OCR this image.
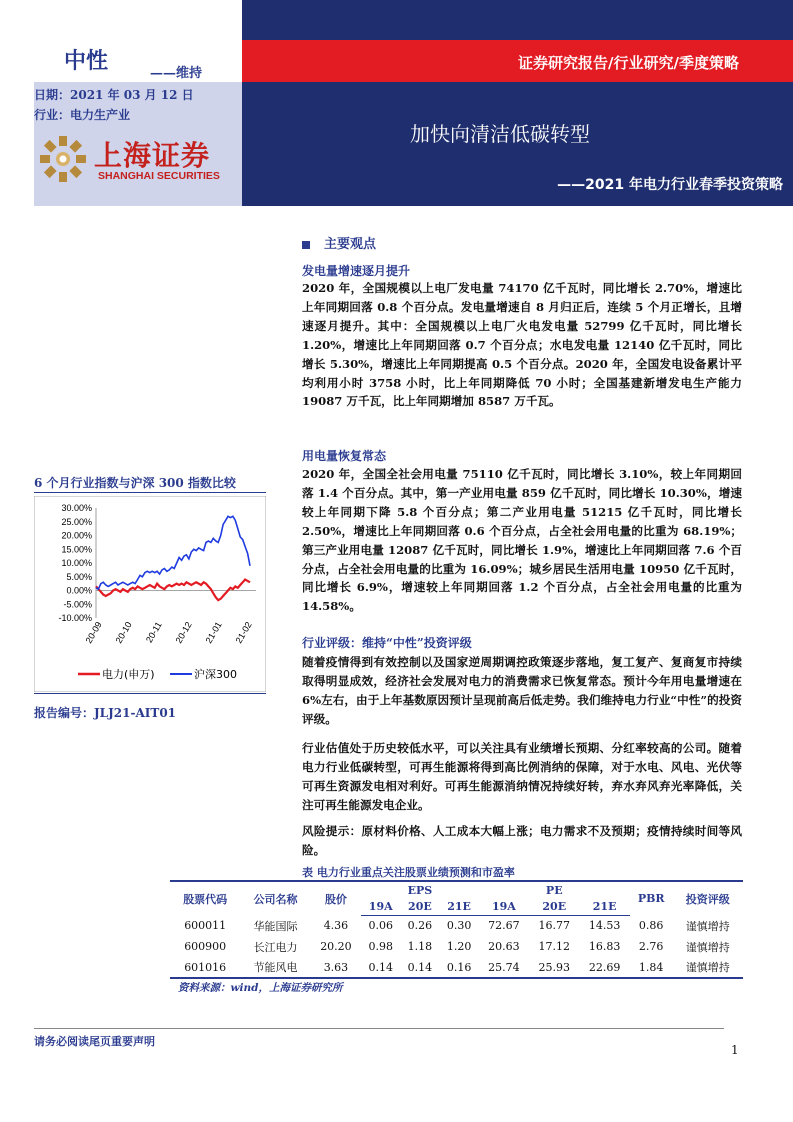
中性	——维持
证券研究报告/行业研究/季度策略
日期：2021 年 03 月 12 日
行业：电力生产业
加快向清洁低碳转型
——2021 年电力行业春季投资策略
上海证券
SHANGHAI SECURITIES
6 个月行业指数与沪深 300 指数比较
30.00%
25.00%
20.00%
15.00%
10.00%
5.00%
0.00%
-5.00%
-10.00%
20-09 20-10 20-11 20-12 21-01 21-02
电力(申万)	沪深300
报告编号：JLJ21-AIT01
主要观点
发电量增速逐月提升
2020 年，全国规模以上电厂发电量 74170 亿千瓦时，同比增长 2.70%，增速比上年同期回落 0.8 个百分点。发电量增速自 8 月归正后，连续 5 个月正增长，且增速逐月提升。其中：全国规模以上电厂火电发电量 52799 亿千瓦时，同比增长 1.20%，增速比上年同期回落 0.7 个百分点；水电发电量 12140 亿千瓦时，同比增长 5.30%，增速比上年同期提高 0.5 个百分点。2020 年，全国发电设备累计平均利用小时 3758 小时，比上年同期降低 70 小时；全国基建新增发电生产能力 19087 万千瓦，比上年同期增加 8587 万千瓦。
用电量恢复常态
2020 年，全国全社会用电量 75110 亿千瓦时，同比增长 3.10%，较上年同期回落 1.4 个百分点。其中，第一产业用电量 859 亿千瓦时，同比增长 10.30%，增速较上年同期下降 5.8 个百分点；第二产业用电量 51215 亿千瓦时，同比增长 2.50%，增速比上年同期回落 0.6 个百分点，占全社会用电量的比重为 68.19%；第三产业用电量 12087 亿千瓦时，同比增长 1.9%，增速比上年同期回落 7.6 个百分点，占全社会用电量的比重为 16.09%；城乡居民生活用电量 10950 亿千瓦时，同比增长 6.9%，增速较上年同期回落 1.2 个百分点，占全社会用电量的比重为 14.58%。
行业评级：维持“中性”投资评级
随着疫情得到有效控制以及国家逆周期调控政策逐步落地，复工复产、复商复市持续取得明显成效，经济社会发展对电力的消费需求已恢复常态。预计今年用电量增速在 6%左右，由于上年基数原因预计呈现前高后低走势。我们维持电力行业“中性”的投资评级。
行业估值处于历史较低水平，可以关注具有业绩增长预期、分红率较高的公司。随着电力行业低碳转型，可再生能源将得到高比例消纳的保障，对于水电、风电、光伏等可再生资源发电相对利好。可再生能源消纳情况持续好转，弃水弃风弃光率降低，关注可再生能源发电企业。
风险提示：原材料价格、人工成本大幅上涨；电力需求不及预期；疫情持续时间等风险。
表 电力行业重点关注股票业绩预测和市盈率
股票代码	公司名称	股价	EPS			PE			PBR	投资评级
			19A	20E	21E	19A	20E	21E		
600011	华能国际	4.36	0.06	0.26	0.30	72.67	16.77	14.53	0.86	谨慎增持
600900	长江电力	20.20	0.98	1.18	1.20	20.63	17.12	16.83	2.76	谨慎增持
601016	节能风电	3.63	0.14	0.14	0.16	25.74	25.93	22.69	1.84	谨慎增持
资料来源：wind，上海证券研究所
请务必阅读尾页重要声明
1
